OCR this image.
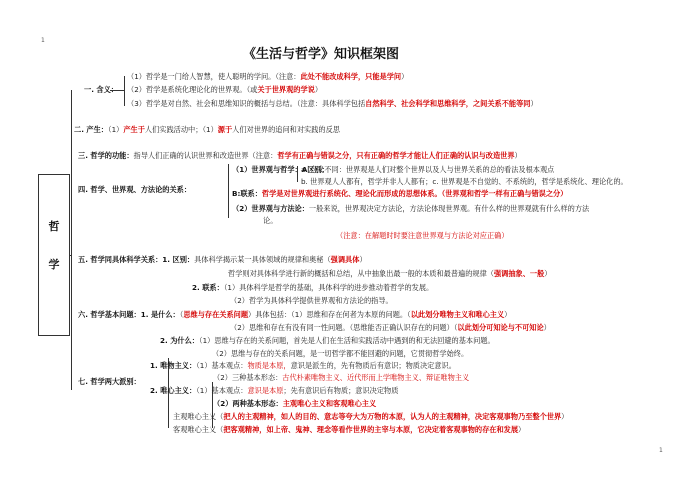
1
1
《生活与哲学》知识框架图
哲
学
一. 含义：
（1）哲学是一门给人智慧，使人聪明的学问。（注意：此处不能改成科学，只能是学问）
（2）哲学是系统化理论化的世界观。（或关于世界观的学说）
（3）哲学是对自然、社会和思维知识的概括与总结。（注意：具体科学包括自然科学、社会科学和思维科学，之间关系不能等同）
二. 产生：（1）产生于人们实践活动中；（1）源于人们对世界的追问和对实践的反思
三. 哲学的功能：指导人们正确的认识世界和改造世界（注意：哲学有正确与错误之分，只有正确的哲学才能让人们正确的认识与改造世界）
四. 哲学、世界观、方法论的关系：
（1）世界观与哲学：A区别：
a. 含义不同：世界观是人们对整个世界以及人与世界关系的总的看法及根本观点
b. 世界观人人都有，哲学并非人人都有；c. 世界观是不自觉的、不系统的，哲学是系统化、理论化的。
B:联系：哲学是对世界观进行系统化、理论化而形成的思想体系。（世界观和哲学一样有正确与错误之分）
（2）世界观与方法论：一般来说，世界观决定方法论，方法论体现世界观。有什么样的世界观就有什么样的方法
论。
（注意：在解题时时要注意世界观与方法论对应正确）
五. 哲学同具体科学关系：1. 区别：具体科学揭示某一具体领域的规律和奥秘（强调具体）
哲学则对具体科学进行新的概括和总结，从中抽象出最一般的本质和最普遍的规律（强调抽象、一般）
2. 联系：（1）具体科学是哲学的基础，具体科学的进步推动着哲学的发展。
（2）哲学为具体科学提供世界观和方法论的指导。
六. 哲学基本问题：1. 是什么：（思维与存在关系问题）具体包括：（1）思维和存在何者为本原的问题。（以此划分唯物主义和唯心主义）
（2）思维和存在有没有同一性问题。（思维能否正确认识存在的问题）（以此划分可知论与不可知论）
2. 为什么：（1）思维与存在的关系问题，首先是人们在生活和实践活动中遇到的和无法回避的基本问题。
（2）思维与存在的关系问题，是一切哲学都不能回避的问题，它贯彻哲学始终。
1. 唯物主义：（1）基本观点：物质是本原，意识是派生的，先有物质后有意识；物质决定意识。
七. 哲学两大派别：	（2）三种基本形态：古代朴素唯物主义、近代形而上学唯物主义、辩证唯物主义
2. 唯心主义：（1）基本观点：意识是本原；先有意识后有物质；意识决定物质
（2）两种基本形态：主观唯心主义和客观唯心主义
主观唯心主义（把人的主观精神，如人的目的、意志等夸大为万物的本原，认为人的主观精神，决定客观事物乃至整个世界）
客观唯心主义（把客观精神，如上帝、鬼神、理念等看作世界的主宰与本原，它决定着客观事物的存在和发展）
